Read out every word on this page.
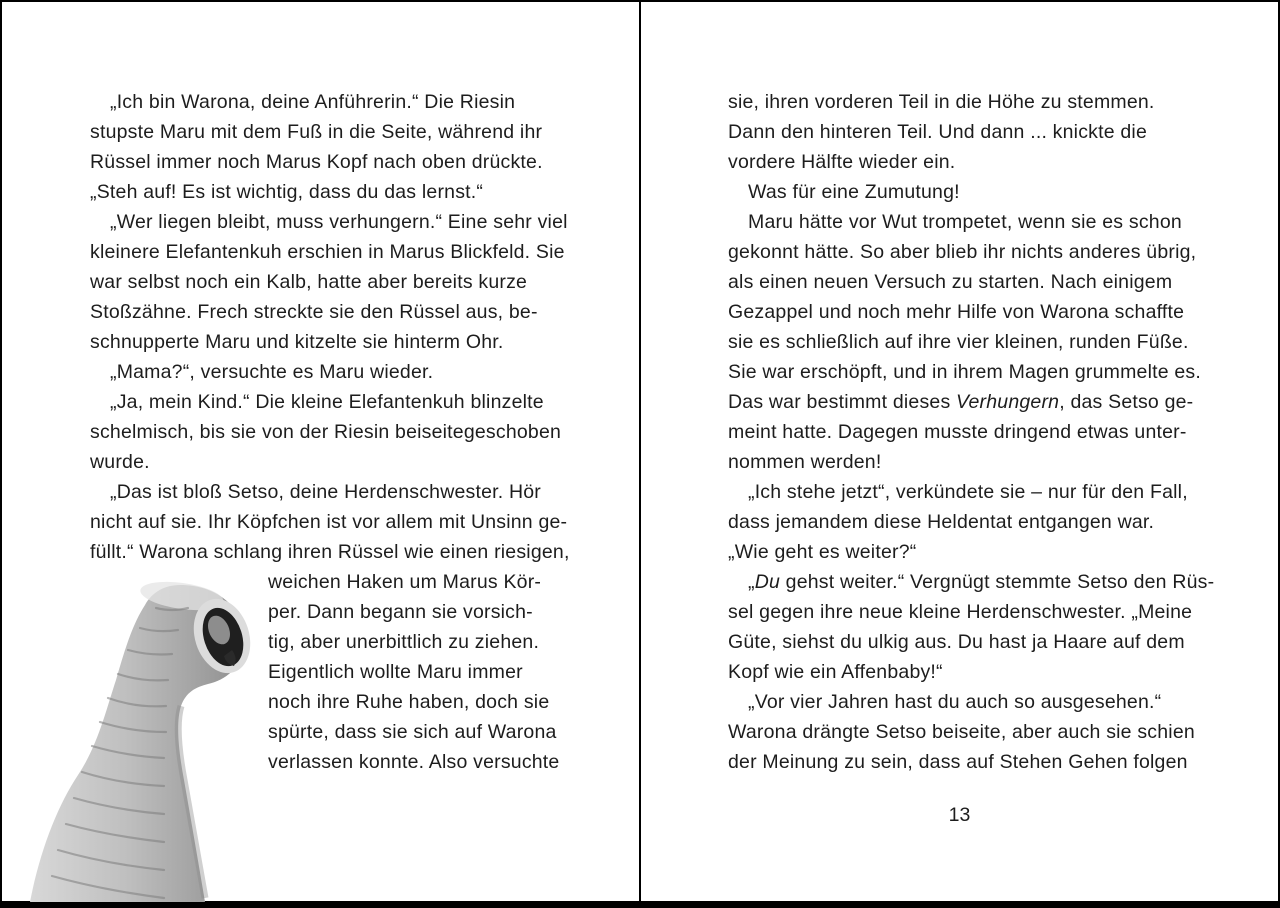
„Ich bin Warona, deine Anführerin.“ Die Riesin
stupste Maru mit dem Fuß in die Seite, während ihr
Rüssel immer noch Marus Kopf nach oben drückte.
„Steh auf! Es ist wichtig, dass du das lernst.“
„Wer liegen bleibt, muss verhungern.“ Eine sehr viel
kleinere Elefantenkuh erschien in Marus Blickfeld. Sie
war selbst noch ein Kalb, hatte aber bereits kurze
Stoßzähne. Frech streckte sie den Rüssel aus, be-
schnupperte Maru und kitzelte sie hinterm Ohr.
„Mama?“, versuchte es Maru wieder.
„Ja, mein Kind.“ Die kleine Elefantenkuh blinzelte
schelmisch, bis sie von der Riesin beiseitegeschoben
wurde.
„Das ist bloß Setso, deine Herdenschwester. Hör
nicht auf sie. Ihr Köpfchen ist vor allem mit Unsinn ge-
füllt.“ Warona schlang ihren Rüssel wie einen riesigen,
weichen Haken um Marus Kör-
per. Dann begann sie vorsich-
tig, aber unerbittlich zu ziehen.
Eigentlich wollte Maru immer
noch ihre Ruhe haben, doch sie
spürte, dass sie sich auf Warona
verlassen konnte. Also versuchte
sie, ihren vorderen Teil in die Höhe zu stemmen.
Dann den hinteren Teil. Und dann ... knickte die
vordere Hälfte wieder ein.
Was für eine Zumutung!
Maru hätte vor Wut trompetet, wenn sie es schon
gekonnt hätte. So aber blieb ihr nichts anderes übrig,
als einen neuen Versuch zu starten. Nach einigem
Gezappel und noch mehr Hilfe von Warona schaffte
sie es schließlich auf ihre vier kleinen, runden Füße.
Sie war erschöpft, und in ihrem Magen grummelte es.
Das war bestimmt dieses Verhungern, das Setso ge-
meint hatte. Dagegen musste dringend etwas unter-
nommen werden!
„Ich stehe jetzt“, verkündete sie – nur für den Fall,
dass jemandem diese Heldentat entgangen war.
„Wie geht es weiter?“
„Du gehst weiter.“ Vergnügt stemmte Setso den Rüs-
sel gegen ihre neue kleine Herdenschwester. „Meine
Güte, siehst du ulkig aus. Du hast ja Haare auf dem
Kopf wie ein Affenbaby!“
„Vor vier Jahren hast du auch so ausgesehen.“
Warona drängte Setso beiseite, aber auch sie schien
der Meinung zu sein, dass auf Stehen Gehen folgen
13
